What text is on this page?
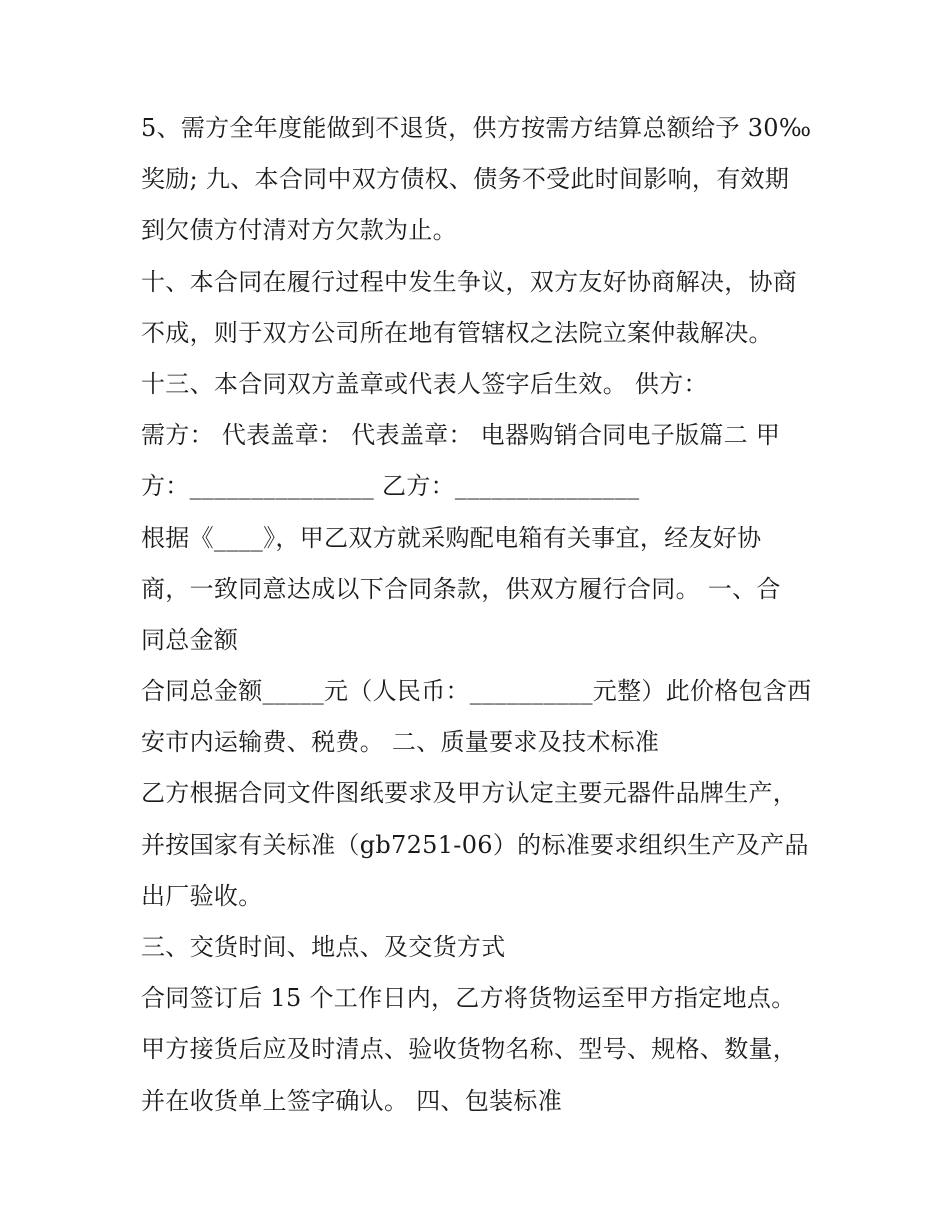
5、需方全年度能做到不退货，供方按需方结算总额给予 30‰
奖励; 九、本合同中双方债权、债务不受此时间影响，有效期
到欠债方付清对方欠款为止。
十、本合同在履行过程中发生争议，双方友好协商解决，协商
不成，则于双方公司所在地有管辖权之法院立案仲裁解决。
十三、本合同双方盖章或代表人签字后生效。 供方：
需方： 代表盖章： 代表盖章： 电器购销合同电子版篇二 甲
方：_______________ 乙方：_______________
根据《____》，甲乙双方就采购配电箱有关事宜，经友好协
商，一致同意达成以下合同条款，供双方履行合同。 一、合
同总金额
合同总金额_____元（人民币：__________元整）此价格包含西
安市内运输费、税费。 二、质量要求及技术标准
乙方根据合同文件图纸要求及甲方认定主要元器件品牌生产，
并按国家有关标准（gb7251-06）的标准要求组织生产及产品
出厂验收。
三、交货时间、地点、及交货方式
合同签订后 15 个工作日内，乙方将货物运至甲方指定地点。
甲方接货后应及时清点、验收货物名称、型号、规格、数量，
并在收货单上签字确认。 四、包装标准
